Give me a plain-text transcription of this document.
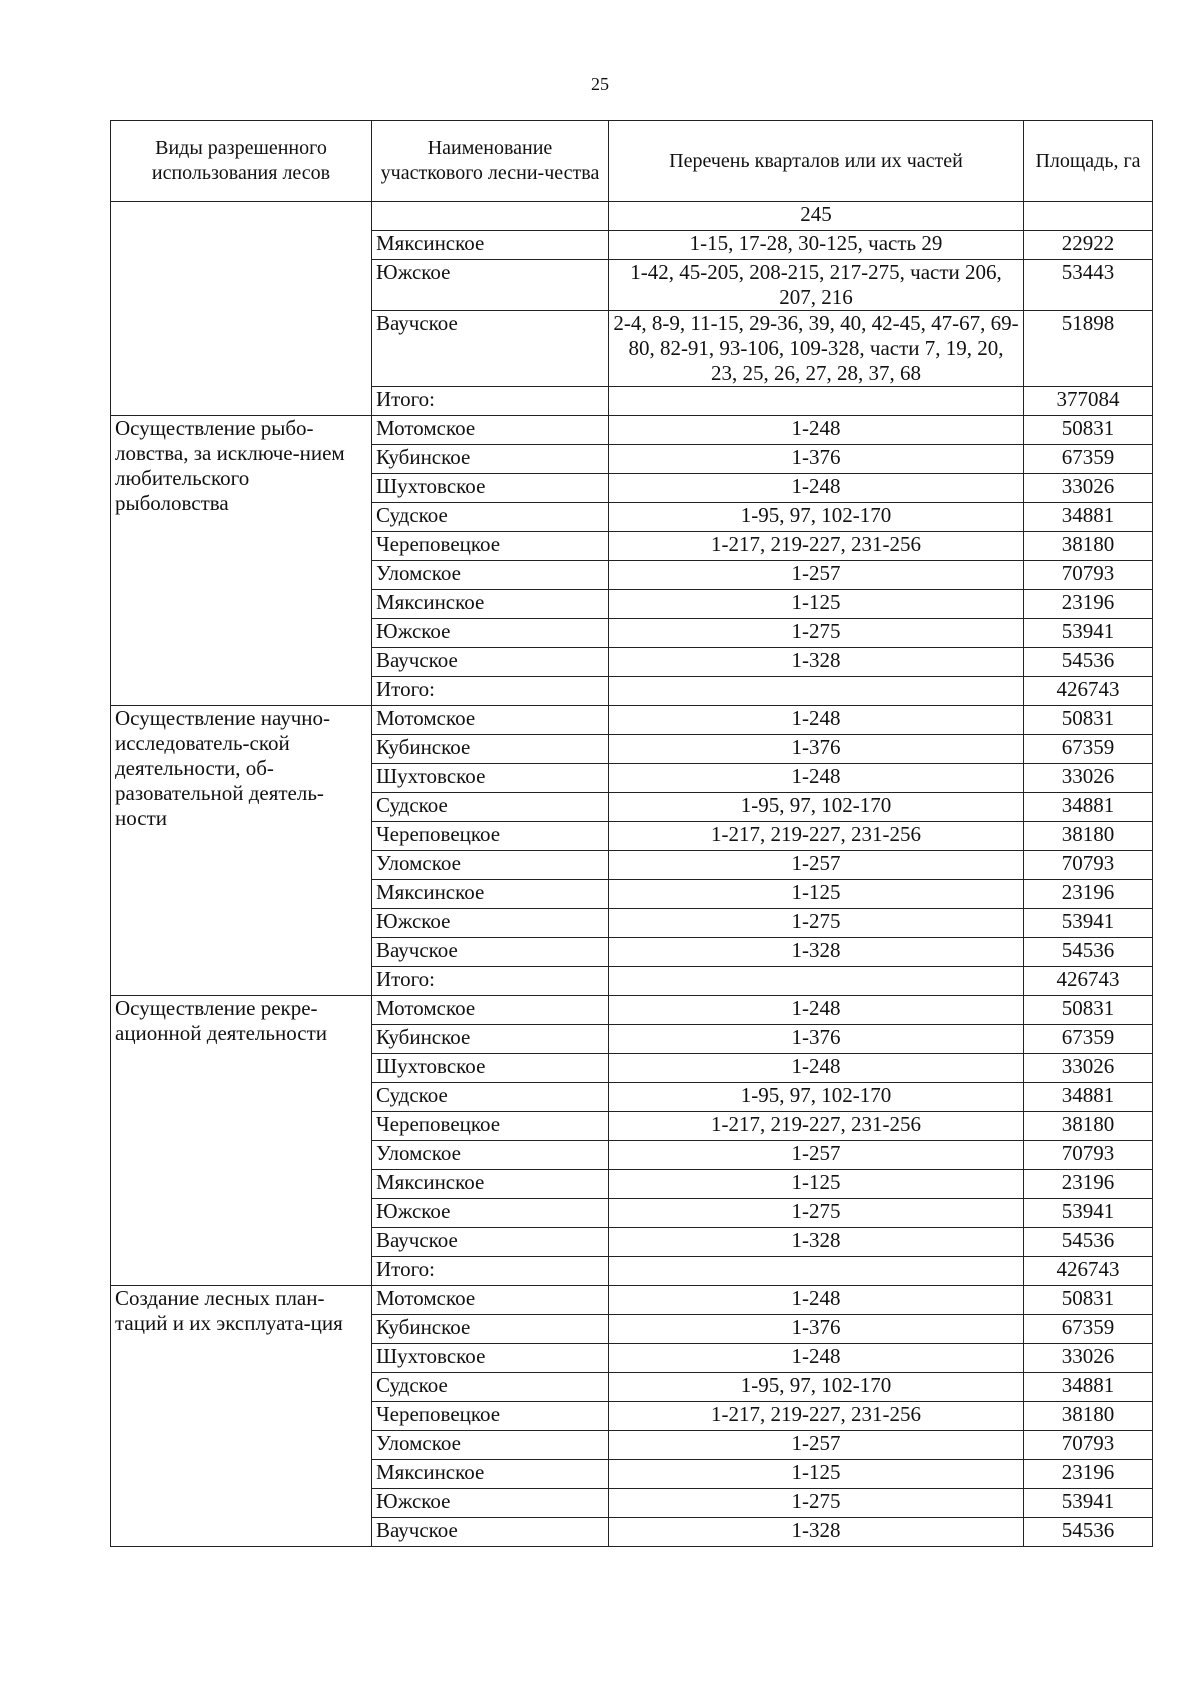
25
Виды разрешенного использования лесов	Наименование участкового лесни-чества	Перечень кварталов или их частей	Площадь, га
		245	
	Мяксинское	1-15, 17-28, 30-125, часть 29	22922
	Южское	1-42, 45-205, 208-215, 217-275, части 206, 207, 216	53443
	Ваучское	2-4, 8-9, 11-15, 29-36, 39, 40, 42-45, 47-67, 69-80, 82-91, 93-106, 109-328, части 7, 19, 20, 23, 25, 26, 27, 28, 37, 68	51898
	Итого:		377084
Осуществление рыбо-ловства, за исключе-нием любительского рыболовства	Мотомское	1-248	50831
	Кубинское	1-376	67359
	Шухтовское	1-248	33026
	Судское	1-95, 97, 102-170	34881
	Череповецкое	1-217, 219-227, 231-256	38180
	Уломское	1-257	70793
	Мяксинское	1-125	23196
	Южское	1-275	53941
	Ваучское	1-328	54536
	Итого:		426743
Осуществление научно-исследователь-ской деятельности, об-разовательной деятель-ности	Мотомское	1-248	50831
	Кубинское	1-376	67359
	Шухтовское	1-248	33026
	Судское	1-95, 97, 102-170	34881
	Череповецкое	1-217, 219-227, 231-256	38180
	Уломское	1-257	70793
	Мяксинское	1-125	23196
	Южское	1-275	53941
	Ваучское	1-328	54536
	Итого:		426743
Осуществление рекре-ационной деятельности	Мотомское	1-248	50831
	Кубинское	1-376	67359
	Шухтовское	1-248	33026
	Судское	1-95, 97, 102-170	34881
	Череповецкое	1-217, 219-227, 231-256	38180
	Уломское	1-257	70793
	Мяксинское	1-125	23196
	Южское	1-275	53941
	Ваучское	1-328	54536
	Итого:		426743
Создание лесных план-таций и их эксплуата-ция	Мотомское	1-248	50831
	Кубинское	1-376	67359
	Шухтовское	1-248	33026
	Судское	1-95, 97, 102-170	34881
	Череповецкое	1-217, 219-227, 231-256	38180
	Уломское	1-257	70793
	Мяксинское	1-125	23196
	Южское	1-275	53941
	Ваучское	1-328	54536
